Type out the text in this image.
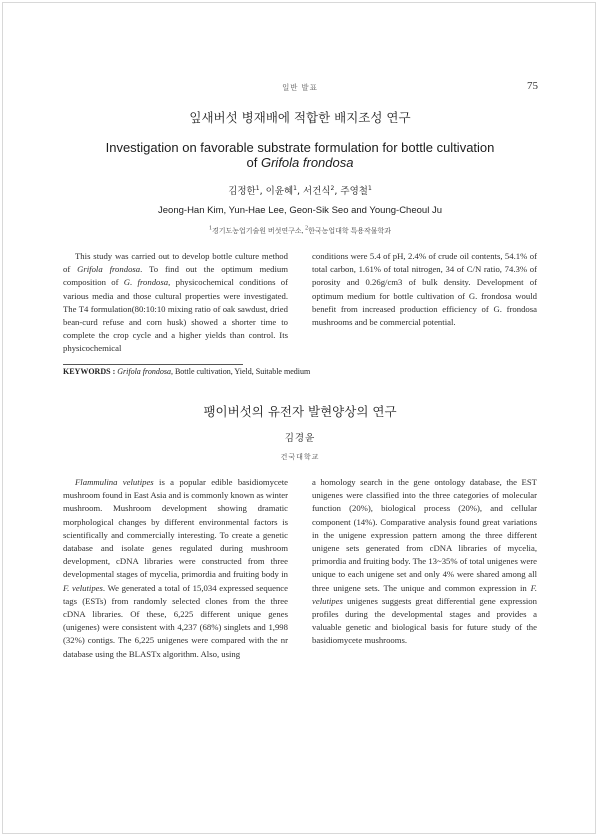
일반 발표	75
잎새버섯 병재배에 적합한 배지조성 연구
Investigation on favorable substrate formulation for bottle cultivation
of Grifola frondosa
김정한$^1$, 이윤혜$^1$, 서건식$^2$, 주영철$^1$
Jeong-Han Kim, Yun-Hae Lee, Geon-Sik Seo and Young-Cheoul Ju
$^1$경기도농업기술원 버섯연구소, $^2$한국농업대학 특용작물학과

This study was carried out to develop bottle culture method of Grifola frondosa. To find out the optimum medium composition of G. frondosa, physicochemical conditions of various media and those cultural properties were investigated. The T4 formulation(80:10:10 mixing ratio of oak sawdust, dried bean-curd refuse and corn husk) showed a shorter time to complete the crop cycle and a higher yields than control. Its physicochemical

conditions were 5.4 of pH, 2.4% of crude oil contents, 54.1% of total carbon, 1.61% of total nitrogen, 34 of C/N ratio, 74.3% of porosity and 0.26g/cm3 of bulk density. Development of optimum medium for bottle cultivation of G. frondosa would benefit from increased production efficiency of G. frondosa mushrooms and be commercial potential.

KEYWORDS : Grifola frondosa, Bottle cultivation, Yield, Suitable medium
팽이버섯의 유전자 발현양상의 연구
김경윤
건국대학교

Flammulina velutipes is a popular edible basidiomycete mushroom found in East Asia and is commonly known as winter mushroom. Mushroom development showing dramatic morphological changes by different environmental factors is scientifically and commercially interesting. To create a genetic database and isolate genes regulated during mushroom development, cDNA libraries were constructed from three developmental stages of mycelia, primordia and fruiting body in F. velutipes. We generated a total of 15,034 expressed sequence tags (ESTs) from randomly selected clones from the three cDNA libraries. Of these, 6,225 different unique genes (unigenes) were consistent with 4,237 (68%) singlets and 1,998 (32%) contigs. The 6,225 unigenes were compared with the nr database using the BLASTx algorithm. Also, using

a homology search in the gene ontology database, the EST unigenes were classified into the three categories of molecular function (20%), biological process (20%), and cellular component (14%). Comparative analysis found great variations in the unigene expression pattern among the three different unigene sets generated from cDNA libraries of mycelia, primordia and fruiting body. The 13~35% of total unigenes were unique to each unigene set and only 4% were shared among all three unigene sets. The unique and common expression in F. velutipes unigenes suggests great differential gene expression profiles during the developmental stages and provides a valuable genetic and biological basis for future study of the basidiomycete mushrooms.
